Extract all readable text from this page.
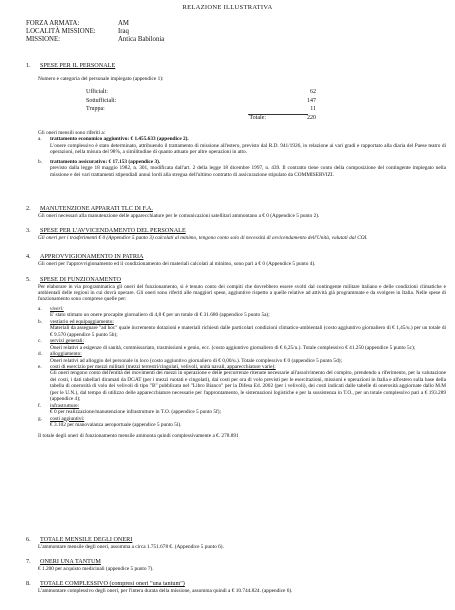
RELAZIONE ILLUSTRATIVA
FORZA ARMATA:	AM
LOCALITÀ MISSIONE:	Iraq
MISSIONE:	Antica Babilonia
1. SPESE PER IL PERSONALE
Numero e categoria del personale impiegato (appendice 1):
Ufficiali:	62
Sottufficiali:	147
Truppa:	11
Totale:	220
Gli oneri mensili sono riferiti a:
a.	trattamento economico aggiuntivo: € 1.455.633 (appendice 2).
L'onere complessivo è stato determinato, attribuendo il trattamento di missione all'estero, previsto dal R.D. 941/1926, in relazione ai vari gradi e rapportato alla diaria del Paese teatro di operazioni, nella misura del 98%, a similitudine di quanto attuato per altre operazioni in atto.
b.	trattamento assicurativo: € 17.153 (appendice 3).
previsto dalla legge 18 maggio 1982, n. 301, modificata dall'art. 2 della legge 18 dicembre 1997, n. 439. Il contratto tiene conto della composizione del contingente impiegato nella missione e dei vari trattamenti stipendiali annui lordi alla stregua dell'ultimo contratto di assicurazione stipulato da COMMISERVIZI.
2. MANUTENZIONE APPARATI TLC DI F.A.
Gli oneri necessari alla manutenzione delle apparecchiature per le comunicazioni satellitari ammontano a € 0 (Appendice 5 punto 2).
3. SPESE PER L'AVVICENDAMENTO DEL PERSONALE
Gli oneri per i trasferimenti € 0 (Appendice 5 punto 3) calcolati al minimo, tengono conto solo di necessità di avvicendamento dell'Unità, valutati dal COI.
4. APPROVVIGIONAMENTO IN PATRIA
Gli oneri per l'approvvigionamento ed il condizionamento dei materiali calcolati al minimo, sono pari a € 0 (Appendice 5 punto 4).
5. SPESE DI FUNZIONAMENTO
Per elaborare in via programmatica gli oneri del funzionamento, si è tenuto conto dei compiti che dovrebbero essere svolti dal contingente militare italiano e delle condizioni climatiche e ambientali delle regioni in cui dovrà operare. Gli oneri sono riferiti alle maggiori spese, aggiuntive rispetto a quelle relative ad attività già programmate e da svolgere in Italia. Nelle spese di funzionamento sono comprese quelle per:
a.	viveri:
E' stato stimato un onere procapite giornaliero di 4,8 € per un totale di € 31.680 (appendice 5 punto 5a);
b.	vestiario ed equipaggiamento:
Materiali da assegnare "ad hoc" quale incremento dotazioni e materiali richiesti dalle particolari condizioni climatico-ambientali (costo aggiuntivo giornaliero di € 1,45/u.) per un totale di € 9.570 (appendice 5 punto 5b);
c.	servizi generali:
Oneri relativi a esigenze di sanità, commissariato, trasmissioni e genio, ecc. (costo aggiuntivo giornaliero di € 6,25/u.). Totale complessivo € 41.250 (appendice 5 punto 5c);
d.	alloggiamento:
Oneri relativi ad alloggio del personale in loco (costo aggiuntivo giornaliero di € 0,00/u.). Totale complessivo € 0 (appendice 5 punto 5d);
e.	costi di esercizio per mezzi militari (mezzi terrestri/cingolati, velivoli, unità navali, apparecchiature varie):
Gli oneri tengono conto dell'entità dei movimenti dei mezzi in operazione e delle percorrenze ritenute necessarie all'assolvimento del compito, prendendo a riferimento, per la valutazione dei costi, i dati tabellari diramati da DGAT (per i mezzi ruotati e cingolati), dai costi per ora di volo previsti per le esercitazioni, missioni e operazioni in Italia e all'estero sulla base della tabella di onerosità di volo dei velivoli di tipo "B" pubblicata nel "Libro Bianco" per la Difesa Ed. 2002 (per i velivoli), dei costi indicati dalle tabelle di onerosità aggiornate dallo M.M (per le U.N.), dal tempo di utilizzo delle apparecchiature necessarie per l'approntamento, le sistemazioni logistiche e per la sussistenza in T.O., per un totale complessivo pari a € 193.289 (appendice 4);
f.	infrastrutture:
€ 0 per realizzazione/manutenzione infrastrutture in T.O. (appendice 5 punto 5f);
g.	costi aggiuntivi:
€ 3.102 per manovalanza aeroportuale (appendice 5 punto 5l).
Il totale degli oneri di funzionamento mensile ammonta quindi complessivamente a €. 278.891
6. TOTALE MENSILE DEGLI ONERI
L'ammontare mensile degli oneri, assomma a circa 1.751.678 €. (Appendice 5 punto 6).
7. ONERI UNA TANTUM
€ 1.200 per acquisto medicinali (appendice 5 punto 7).
8. TOTALE COMPLESSIVO (compresi oneri "una tantum")
L'ammontare complessivo degli oneri, per l'intera durata della missione, assomma quindi a € 10.744.824. (appendice 6).
